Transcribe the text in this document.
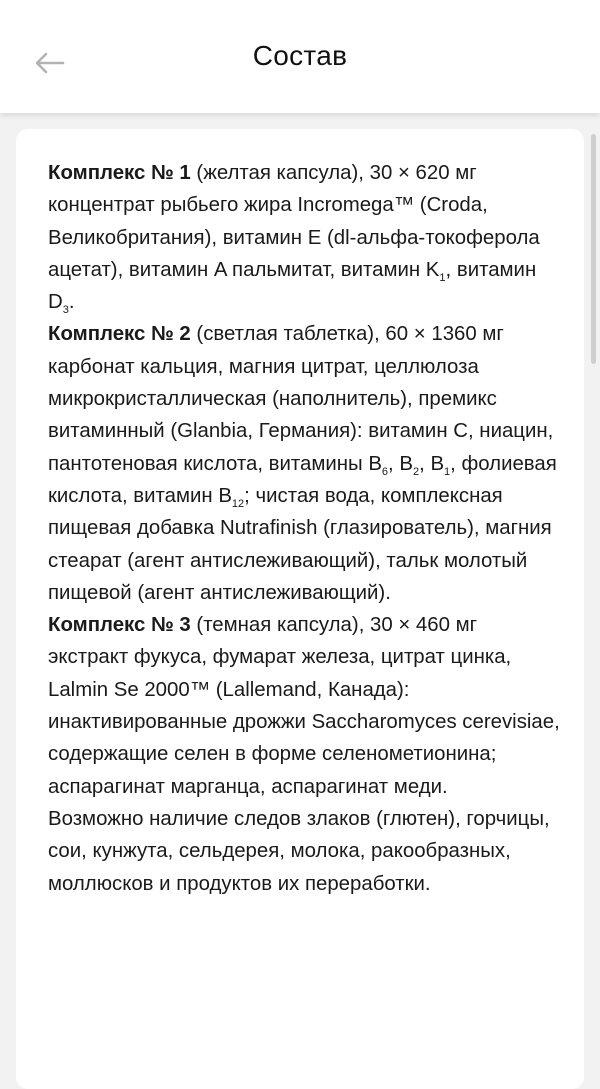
Состав
Комплекс № 1 (желтая капсула), 30 × 620 мг
концентрат рыбьего жира Incromega™ (Croda, Великобритания), витамин E (dl-альфа-токоферола ацетат), витамин A пальмитат, витамин $K_1$, витамин $D_3$.
Комплекс № 2 (светлая таблетка), 60 × 1360 мг
карбонат кальция, магния цитрат, целлюлоза микрокристаллическая (наполнитель), премикс витаминный (Glanbia, Германия): витамин C, ниацин, пантотеновая кислота, витамины $B_6$, $B_2$, $B_1$, фолиевая кислота, витамин $B_{12}$; чистая вода, комплексная пищевая добавка Nutrafinish (глазирователь), магния стеарат (агент антислеживающий), тальк молотый пищевой (агент антислеживающий).
Комплекс № 3 (темная капсула), 30 × 460 мг
экстракт фукуса, фумарат железа, цитрат цинка, Lalmin Se 2000™ (Lallemand, Канада): инактивированные дрожжи Saccharomyces cerevisiae, содержащие селен в форме селенометионина; аспарагинат марганца, аспарагинат меди.
Возможно наличие следов злаков (глютен), горчицы, сои, кунжута, сельдерея, молока, ракообразных, моллюсков и продуктов их переработки.
